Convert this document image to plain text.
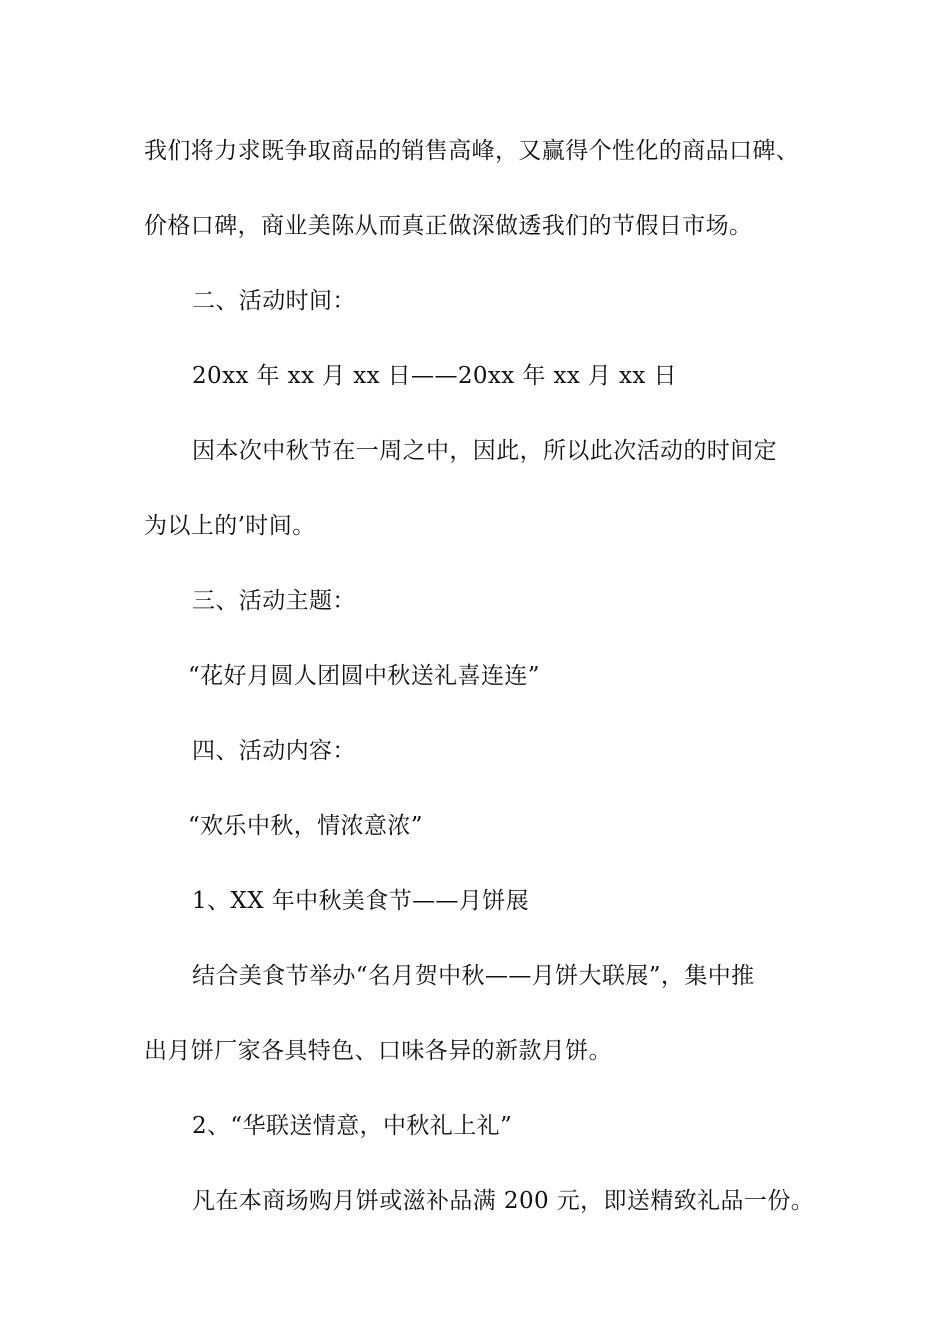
我们将力求既争取商品的销售高峰，又赢得个性化的商品口碑、
价格口碑，商业美陈从而真正做深做透我们的节假日市场。
二、活动时间：
20xx 年 xx 月 xx 日——20xx 年 xx 月 xx 日
因本次中秋节在一周之中，因此，所以此次活动的时间定
为以上的’时间。
三、活动主题：
“花好月圆人团圆中秋送礼喜连连”
四、活动内容：
“欢乐中秋，情浓意浓”
1、XX 年中秋美食节——月饼展
结合美食节举办“名月贺中秋——月饼大联展”，集中推
出月饼厂家各具特色、口味各异的新款月饼。
2、“华联送情意，中秋礼上礼”
凡在本商场购月饼或滋补品满 200 元，即送精致礼品一份。
